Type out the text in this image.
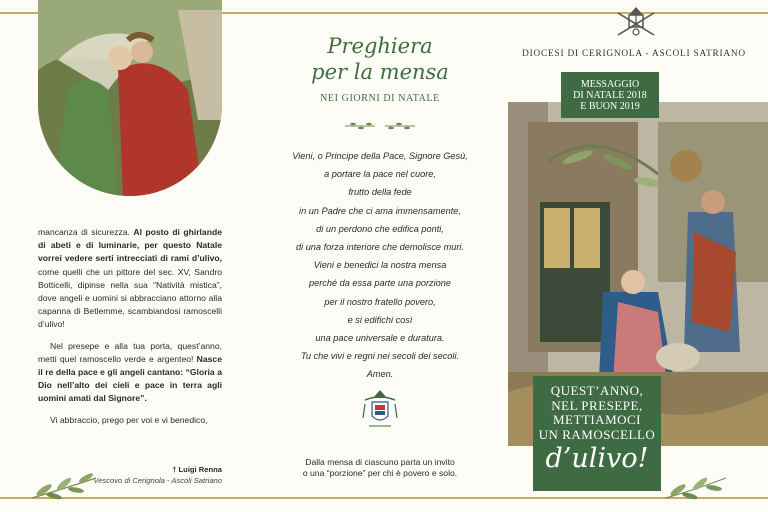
mancanza di sicurezza. Al posto di ghirlande di abeti e di luminarie, per questo Natale vorrei vedere serti intrecciati di rami d’ulivo, come quelli che un pittore del sec. XV, Sandro Botticelli, dipinse nella sua “Natività mistica”, dove angeli e uomini si abbracciano attorno alla capanna di Betlemme, scambiandosi ramoscelli d’ulivo!

Nel presepe e alla tua porta, quest’anno, metti quel ramoscello verde e argenteo! Nasce il re della pace e gli angeli cantano: “Gloria a Dio nell’alto dei cieli e pace in terra agli uomini amati dal Signore”.

Vi abbraccio, prego per voi e vi benedico,

† Luigi Renna
Vescovo di Cerignola - Ascoli Satriano
Preghiera
per la mensa
NEI GIORNI DI NATALE
Vieni, o Principe della Pace, Signore Gesù,
a portare la pace nel cuore,
frutto della fede
in un Padre che ci ama immensamente,
di un perdono che edifica ponti,
di una forza interiore che demolisce muri.
Vieni e benedici la nostra mensa
perché da essa parte una porzione
per il nostro fratello povero,
e si edifichi così
una pace universale e duratura.
Tu che vivi e regni nei secoli dei secoli.
Amen.
Dalla mensa di ciascuno parta un invito
o una “porzione” per chi è povero e solo.
DIOCESI DI CERIGNOLA - ASCOLI SATRIANO
MESSAGGIO
DI NATALE 2018
E BUON 2019
QUEST’ANNO,
NEL PRESEPE,
METTIAMOCI
UN RAMOSCELLO
d’ulivo!
